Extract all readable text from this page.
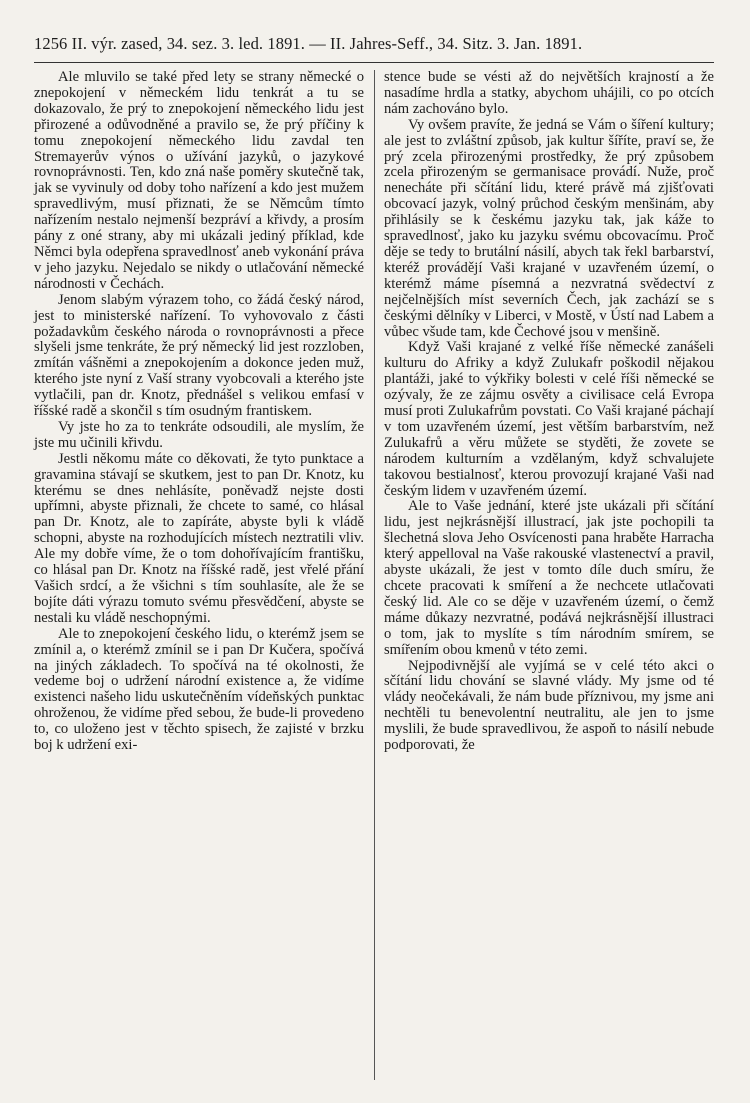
1256 II. výr. zased, 34. sez. 3. led. 1891. — II. Jahres-Seff., 34. Sitz. 3. Jan. 1891.

Ale mluvilo se také před lety se strany německé o znepokojení v německém lidu tenkrát a tu se dokazovalo, že prý to znepokojení německého lidu jest přirozené a odůvodněné a pravilo se, že prý příčiny k tomu znepokojení německého lidu zavdal ten Stremayerův výnos o užívání jazyků, o jazykové rovnoprávnosti. Ten, kdo zná naše poměry skutečně tak, jak se vyvinuly od doby toho nařízení a kdo jest mužem spravedlivým, musí přiznati, že se Němcům tímto nařízením nestalo nejmenší bezpráví a křivdy, a prosím pány z oné strany, aby mi ukázali jediný příklad, kde Němci byla odepřena spravedlnosť aneb vykonání práva v jeho jazyku. Nejedalo se nikdy o utlačování německé národnosti v Čechách.

Jenom slabým výrazem toho, co žádá český národ, jest to ministerské nařízení. To vyhovovalo z části požadavkům českého národa o rovnoprávnosti a přece slyšeli jsme tenkráte, že prý německý lid jest rozzloben, zmítán vášněmi a znepokojením a dokonce jeden muž, kterého jste nyní z Vaší strany vyobcovali a kterého jste vytlačili, pan dr. Knotz, přednášel s velikou emfasí v říšské radě a skončil s tím osudným frantiskem.

Vy jste ho za to tenkráte odsoudili, ale myslím, že jste mu učinili křivdu.

Jestli někomu máte co děkovati, že tyto punktace a gravamina stávají se skutkem, jest to pan Dr. Knotz, ku kterému se dnes nehlásíte, poněvadž nejste dosti upřímni, abyste přiznali, že chcete to samé, co hlásal pan Dr. Knotz, ale to zapíráte, abyste byli k vládě schopni, abyste na rozhodujících místech neztratili vliv. Ale my dobře víme, že o tom dohořívajícím františku, co hlásal pan Dr. Knotz na říšské radě, jest vřelé přání Vašich srdcí, a že všichni s tím souhlasíte, ale že se bojíte dáti výrazu tomuto svému přesvědčení, abyste se nestali ku vládě neschopnými.

Ale to znepokojení českého lidu, o kterémž jsem se zmínil a, o kterémž zmínil se i pan Dr Kučera, spočívá na jiných základech. To spočívá na té okolnosti, že vedeme boj o udržení národní existence a, že vidíme existenci našeho lidu uskutečněním vídeňských punktac ohroženou, že vidíme před sebou, že bude-li provedeno to, co uloženo jest v těchto spisech, že zajisté v brzku boj k udržení exi-

stence bude se vésti až do největších krajností a že nasadíme hrdla a statky, abychom uhájili, co po otcích nám zachováno bylo.

Vy ovšem pravíte, že jedná se Vám o šíření kultury; ale jest to zvláštní způsob, jak kultur šíříte, praví se, že prý zcela přirozenými prostředky, že prý způsobem zcela přirozeným se germanisace provádí. Nuže, proč nenecháte při sčítání lidu, které právě má zjišťovati obcovací jazyk, volný průchod českým menšinám, aby přihlásily se k českému jazyku tak, jak káže to spravedlnosť, jako ku jazyku svému obcovacímu. Proč děje se tedy to brutální násilí, abych tak řekl barbarství, kteréž provádějí Vaši krajané v uzavřeném území, o kterémž máme písemná a nezvratná svědectví z nejčelnějších míst severních Čech, jak zachází se s českými dělníky v Liberci, v Mostě, v Ústí nad Labem a vůbec všude tam, kde Čechové jsou v menšině.

Když Vaši krajané z velké říše německé zanášeli kulturu do Afriky a když Zulukafr poškodil nějakou plantáži, jaké to výkřiky bolesti v celé říši německé se ozývaly, že ze zájmu osvěty a civilisace celá Evropa musí proti Zulukafrům povstati. Co Vaši krajané páchají v tom uzavřeném území, jest větším barbarstvím, než Zulukafrů a věru můžete se styděti, že zovete se národem kulturním a vzdělaným, když schvalujete takovou bestialnosť, kterou provozují krajané Vaši nad českým lidem v uzavřeném území.

Ale to Vaše jednání, které jste ukázali při sčítání lidu, jest nejkrásnější illustrací, jak jste pochopili ta šlechetná slova Jeho Osvícenosti pana hraběte Harracha který appelloval na Vaše rakouské vlastenectví a pravil, abyste ukázali, že jest v tomto díle duch smíru, že chcete pracovati k smíření a že nechcete utlačovati český lid. Ale co se děje v uzavřeném území, o čemž máme důkazy nezvratné, podává nejkrásnější illustraci o tom, jak to myslíte s tím národním smírem, se smířením obou kmenů v této zemi.

Nejpodivnější ale vyjímá se v celé této akci o sčítání lidu chování se slavné vlády. My jsme od té vlády neočekávali, že nám bude příznivou, my jsme ani nechtěli tu benevolentní neutralitu, ale jen to jsme myslili, že bude spravedlivou, že aspoň to násilí nebude podporovati, že
